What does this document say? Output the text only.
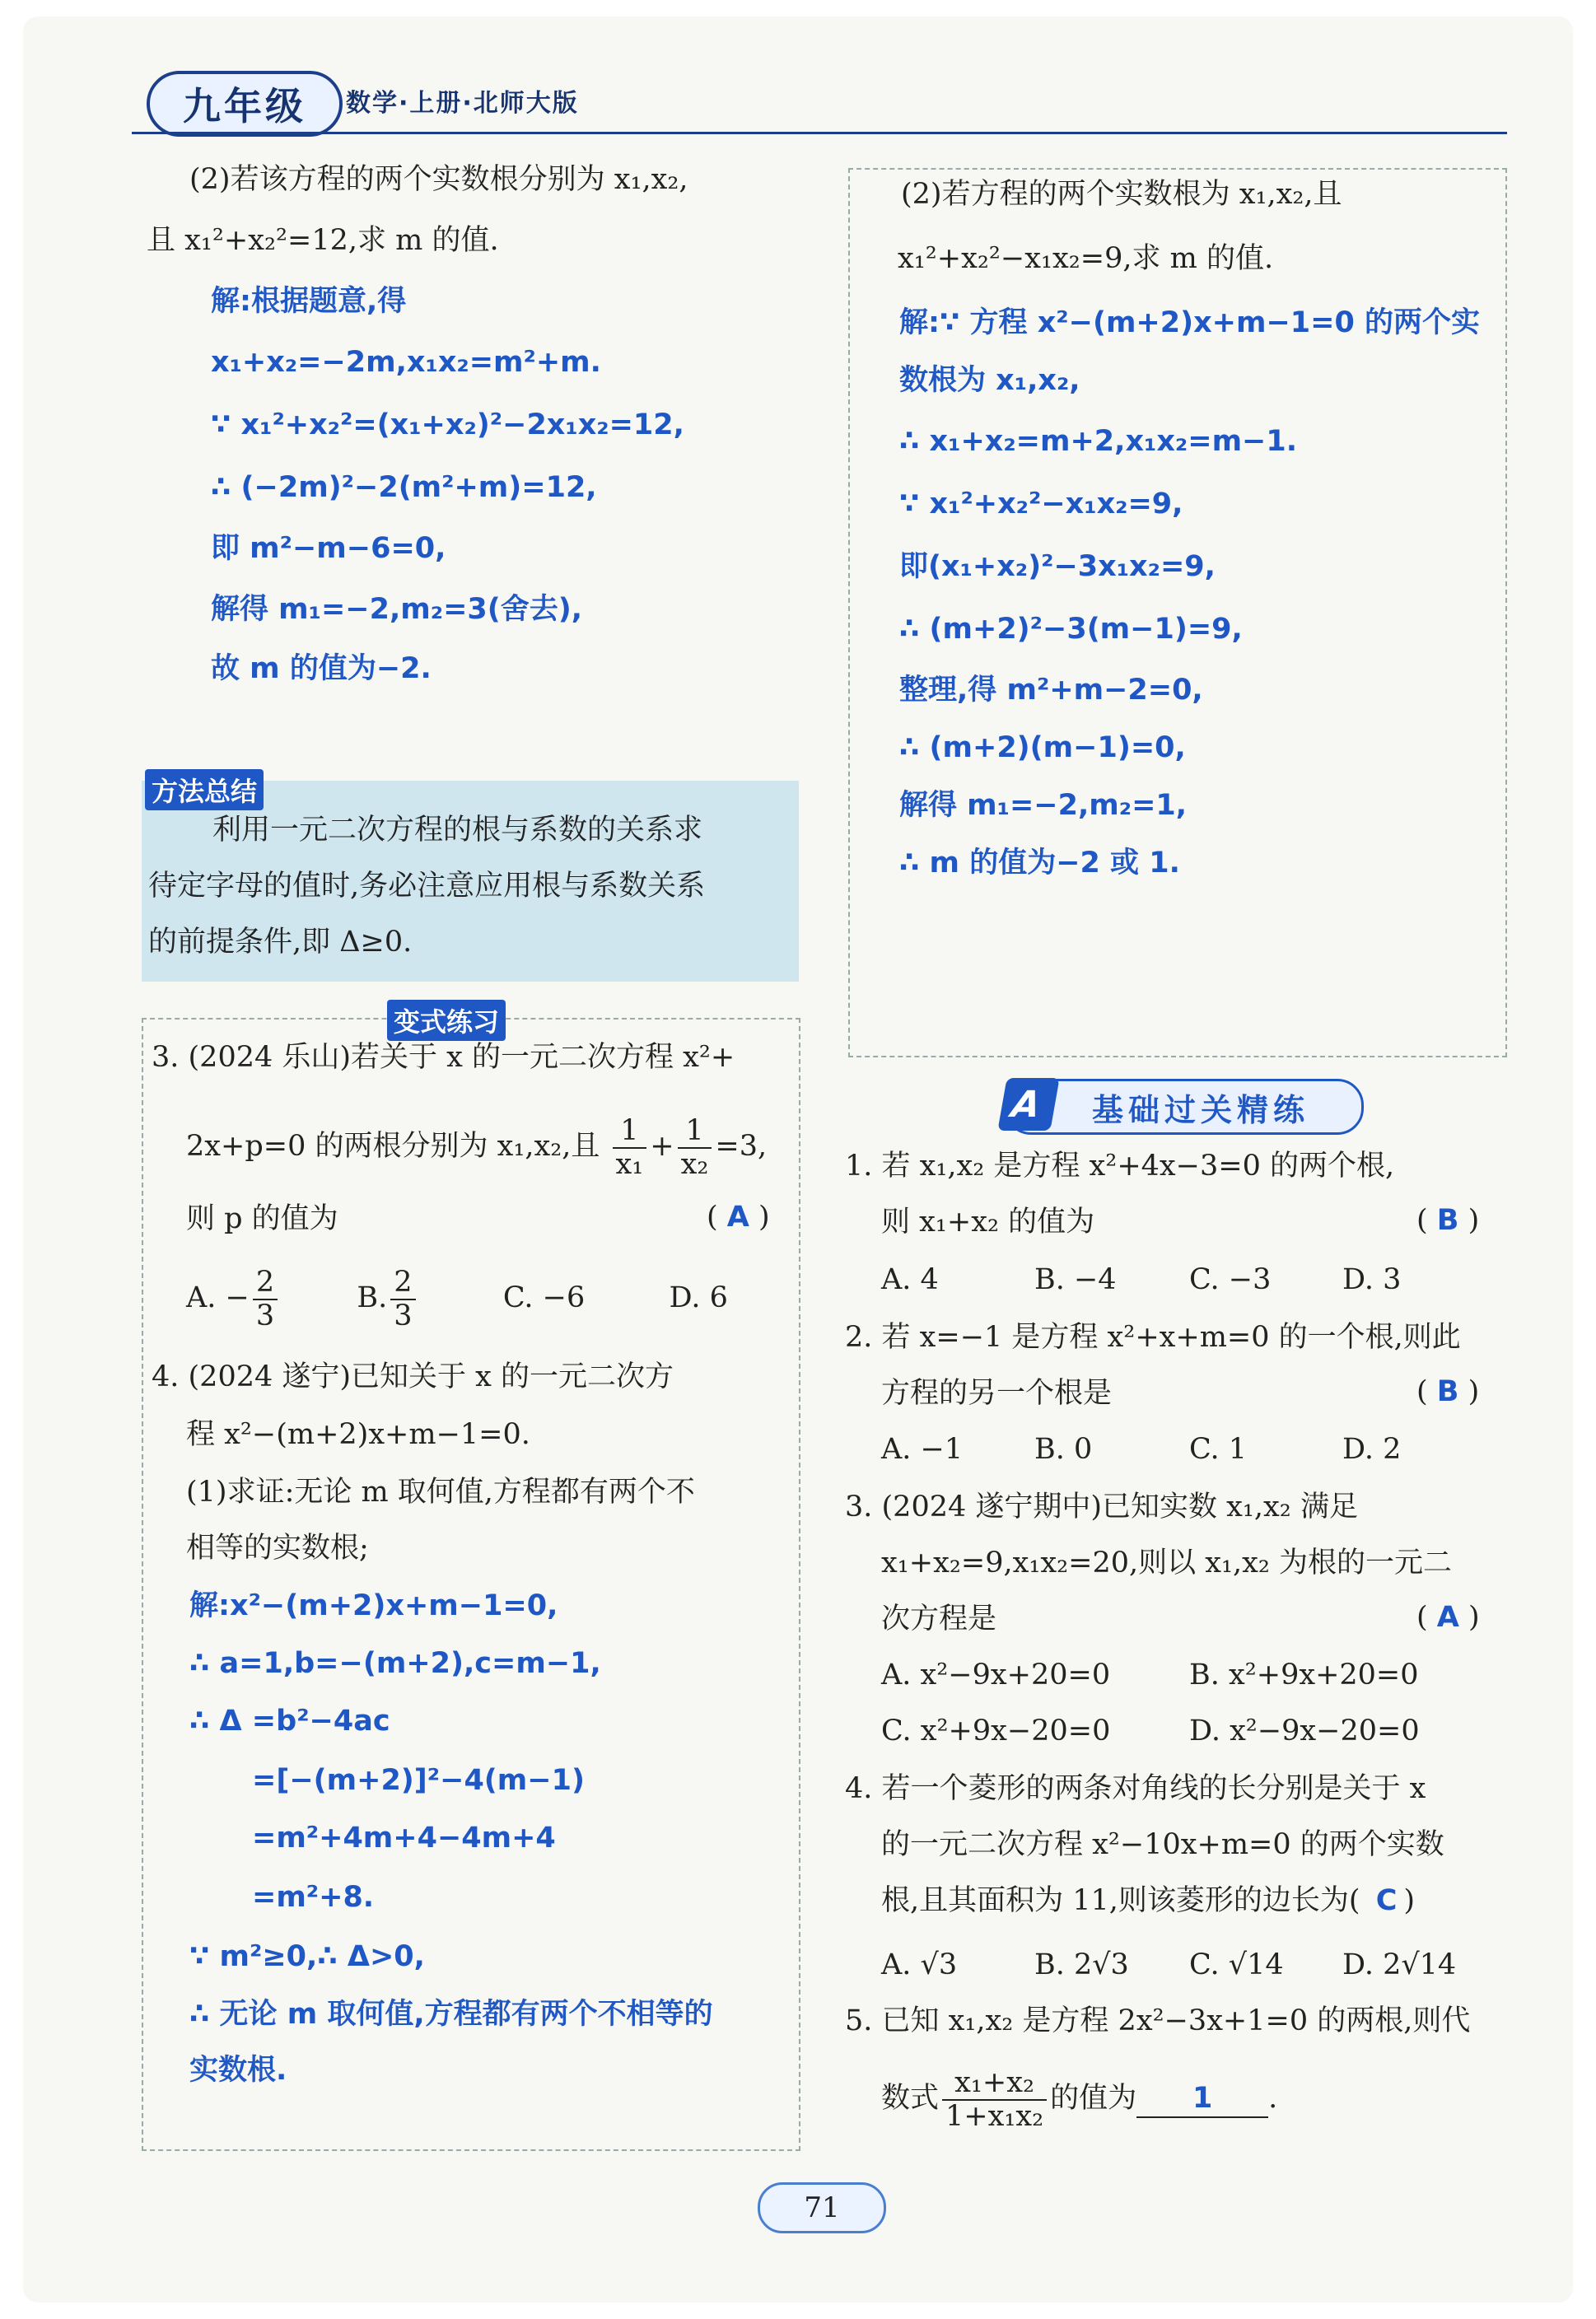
九年级	数学·上册·北师大版
(2)若该方程的两个实数根分别为 x₁,x₂,
且 x₁²+x₂²=12,求 m 的值.
解:根据题意,得
x₁+x₂=−2m,x₁x₂=m²+m.
∵ x₁²+x₂²=(x₁+x₂)²−2x₁x₂=12,
∴ (−2m)²−2(m²+m)=12,
即 m²−m−6=0,
解得 m₁=−2,m₂=3(舍去),
故 m 的值为−2.
方法总结
利用一元二次方程的根与系数的关系求
待定字母的值时,务必注意应用根与系数关系
的前提条件,即 Δ≥0.
变式练习
3. (2024 乐山)若关于 x 的一元二次方程 x²+
2x+p=0 的两根分别为 x₁,x₂,且 $\frac{1}{\text{x₁}} + \frac{1}{\text{x₂}} =3$,
则 p 的值为	( A )
A. − $\frac{2}{3}$	B. $\frac{2}{3}$	C. −6	D. 6
4. (2024 遂宁)已知关于 x 的一元二次方
程 x²−(m+2)x+m−1=0.
(1)求证:无论 m 取何值,方程都有两个不
相等的实数根;
解:x²−(m+2)x+m−1=0,
∴ a=1,b=−(m+2),c=m−1,
∴ Δ =b²−4ac
=[−(m+2)]²−4(m−1)
=m²+4m+4−4m+4
=m²+8.
∵ m²≥0,∴ Δ>0,
∴ 无论 m 取何值,方程都有两个不相等的
实数根.
(2)若方程的两个实数根为 x₁,x₂,且
x₁²+x₂²−x₁x₂=9,求 m 的值.
解:∵ 方程 x²−(m+2)x+m−1=0 的两个实
数根为 x₁,x₂,
∴ x₁+x₂=m+2,x₁x₂=m−1.
∵ x₁²+x₂²−x₁x₂=9,
即(x₁+x₂)²−3x₁x₂=9,
∴ (m+2)²−3(m−1)=9,
整理,得 m²+m−2=0,
∴ (m+2)(m−1)=0,
解得 m₁=−2,m₂=1,
∴ m 的值为−2 或 1.
A	基础过关精练
1. 若 x₁,x₂ 是方程 x²+4x−3=0 的两个根,
则 x₁+x₂ 的值为	( B )
A. 4	B. −4	C. −3 D. 3
2. 若 x=−1 是方程 x²+x+m=0 的一个根,则此
方程的另一个根是	( B )
A. −1 B. 0	C. 1	D. 2
3. (2024 遂宁期中)已知实数 x₁,x₂ 满足
x₁+x₂=9,x₁x₂=20,则以 x₁,x₂ 为根的一元二
次方程是	( A )
A. x²−9x+20=0	B. x²+9x+20=0
C. x²+9x−20=0	D. x²−9x−20=0
4. 若一个菱形的两条对角线的长分别是关于 x
的一元二次方程 x²−10x+m=0 的两个实数
根,且其面积为 11,则该菱形的边长为( C )
A. √3	B. 2√3 C. √14 D. 2√14
5. 已知 x₁,x₂ 是方程 2x²−3x+1=0 的两根,则代
数式 $\frac{\text{x₁+x₂}}{\text{1+x₁x₂}}$ 的值为 1 .
71
